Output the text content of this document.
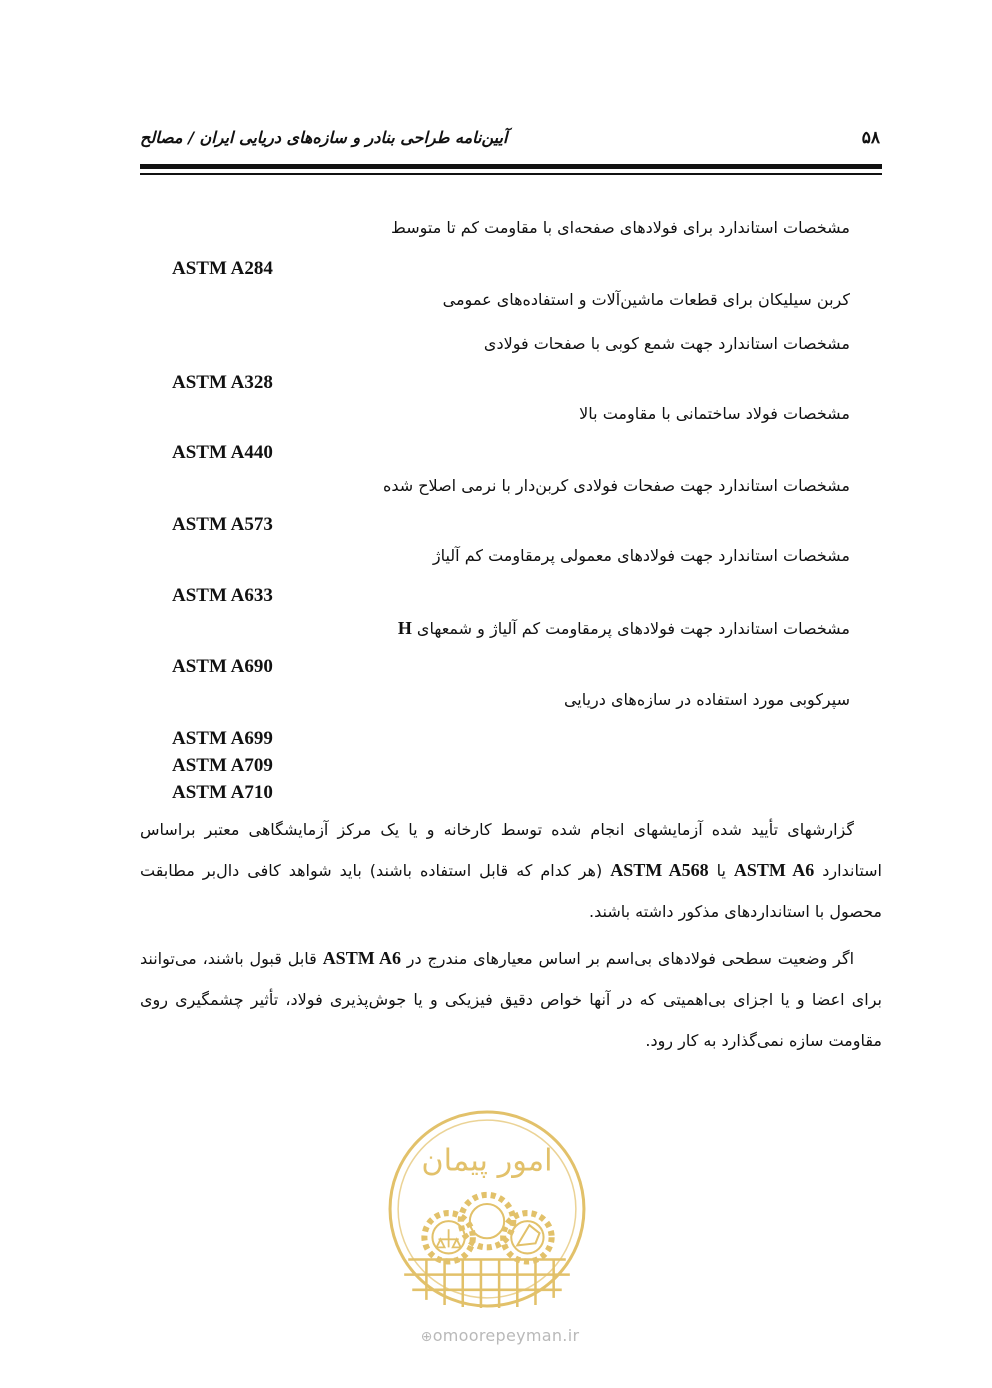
آیین‌نامه طراحی بنادر و سازه‌های دریایی ایران / مصالح	۵۸
مشخصات استاندارد برای فولادهای صفحه‌ای با مقاومت کم تا متوسط
ASTM A284
کربن سیلیکان برای قطعات ماشین‌آلات و استفاده‌های عمومی
مشخصات استاندارد جهت شمع کوبی با صفحات فولادی
ASTM A328
مشخصات فولاد ساختمانی با مقاومت بالا
ASTM A440
مشخصات استاندارد جهت صفحات فولادی کربن‌دار با نرمی اصلاح شده
ASTM A573
مشخصات استاندارد جهت فولادهای معمولی پرمقاومت کم آلیاژ
ASTM A633
مشخصات استاندارد جهت فولادهای پرمقاومت کم آلیاژ و شمعهای H
ASTM A690
سپرکوبی مورد استفاده در سازه‌های دریایی
ASTM A699
ASTM A709
ASTM A710
گزارشهای تأیید شده آزمایشهای انجام شده توسط کارخانه و یا یک مرکز آزمایشگاهی معتبر براساس استاندارد ASTM A6 یا ASTM A568 (هر کدام که قابل استفاده باشند) باید شواهد کافی دال‌بر مطابقت محصول با استانداردهای مذکور داشته باشند.
اگر وضعیت سطحی فولادهای بی‌اسم بر اساس معیارهای مندرج در ASTM A6 قابل قبول باشند، می‌توانند برای اعضا و یا اجزای بی‌اهمیتی که در آنها خواص دقیق فیزیکی و یا جوش‌پذیری فولاد، تأثیر چشمگیری روی مقاومت سازه نمی‌گذارد به کار رود.
امور پیمان
⊕omoorepeyman.ir
